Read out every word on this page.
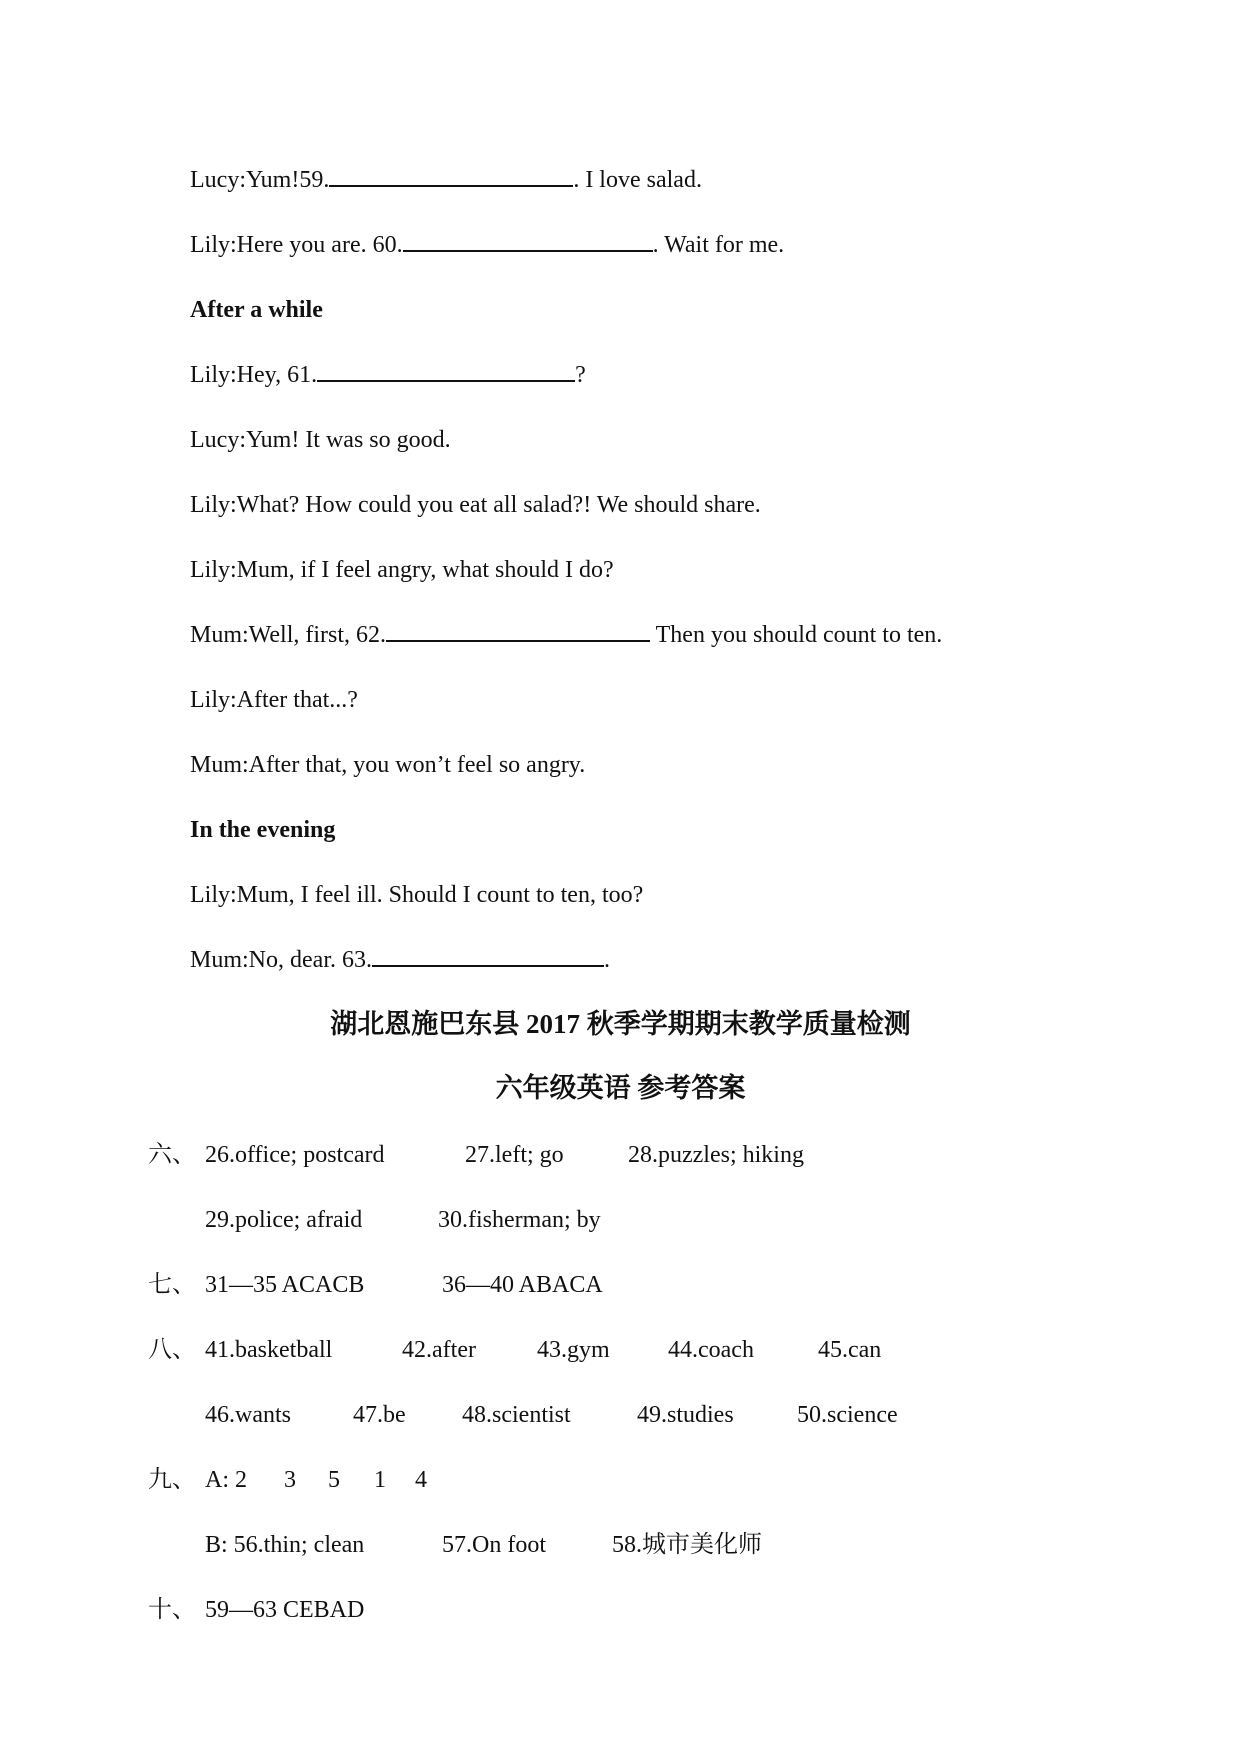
Lucy:Yum!59.	. I love salad.
Lily:Here you are. 60.	. Wait for me.
After a while
Lily:Hey, 61.	?
Lucy:Yum! It was so good.
Lily:What? How could you eat all salad?! We should share.
Lily:Mum, if I feel angry, what should I do?
Mum:Well, first, 62.	Then you should count to ten.
Lily:After that...?
Mum:After that, you won’t feel so angry.
In the evening
Lily:Mum, I feel ill. Should I count to ten, too?
Mum:No, dear. 63.	.
湖北恩施巴东县 2017 秋季学期期末教学质量检测
六年级英语 参考答案
六、 26.office; postcard	27.left; go	28.puzzles; hiking
29.police; afraid	30.fisherman; by
七、 31—35 ACACB	36—40 ABACA
八、 41.basketball	42.after	43.gym 44.coach	45.can
46.wants	47.be 48.scientist	49.studies	50.science
九、 A: 2 3 5 1 4
B: 56.thin; clean	57.On foot	58.城市美化师
十、 59—63 CEBAD
